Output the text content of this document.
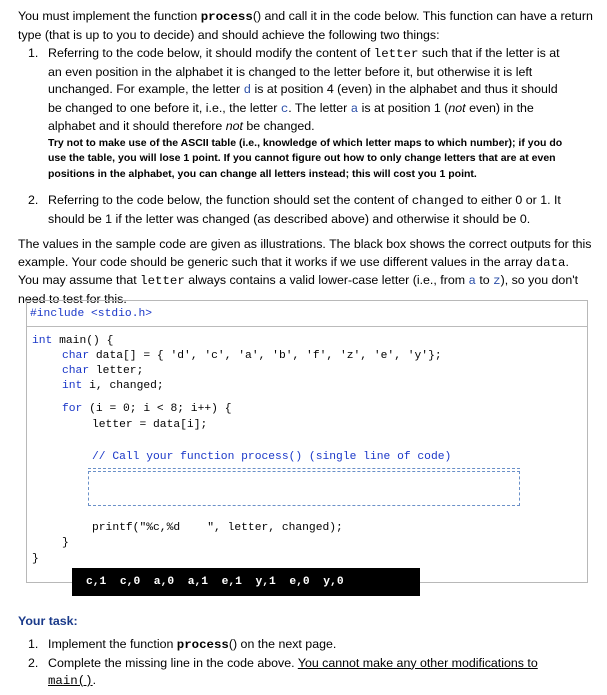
You must implement the function process() and call it in the code below. This function can have a return type (that is up to you to decide) and should achieve the following two things:

1. Referring to the code below, it should modify the content of letter such that if the letter is at an even position in the alphabet it is changed to the letter before it, but otherwise it is left unchanged. For example, the letter d is at position 4 (even) in the alphabet and thus it should be changed to one before it, i.e., the letter c. The letter a is at position 1 (not even) in the alphabet and it should therefore not be changed.
Try not to make use of the ASCII table (i.e., knowledge of which letter maps to which number); if you do use the table, you will lose 1 point. If you cannot figure out how to only change letters that are at even positions in the alphabet, you can change all letters instead; this will cost you 1 point.
2. Referring to the code below, the function should set the content of changed to either 0 or 1. It should be 1 if the letter was changed (as described above) and otherwise it should be 0.

The values in the sample code are given as illustrations. The black box shows the correct outputs for this example. Your code should be generic such that it works if we use different values in the array data. You may assume that letter always contains a valid lower-case letter (i.e., from a to z), so you don't need to test for this.

#include <stdio.h>
int main() {
char data[] = { 'd', 'c', 'a', 'b', 'f', 'z', 'e', 'y'};
char letter;
int i, changed;
for (i = 0; i < 8; i++) {
letter = data[i];
// Call your function process() (single line of code)
printf("%c,%d    ", letter, changed);
}
}
c,1  c,0  a,0  a,1  e,1  y,1  e,0  y,0
Your task:
1. Implement the function process() on the next page.
2. Complete the missing line in the code above. You cannot make any other modifications to
main().
